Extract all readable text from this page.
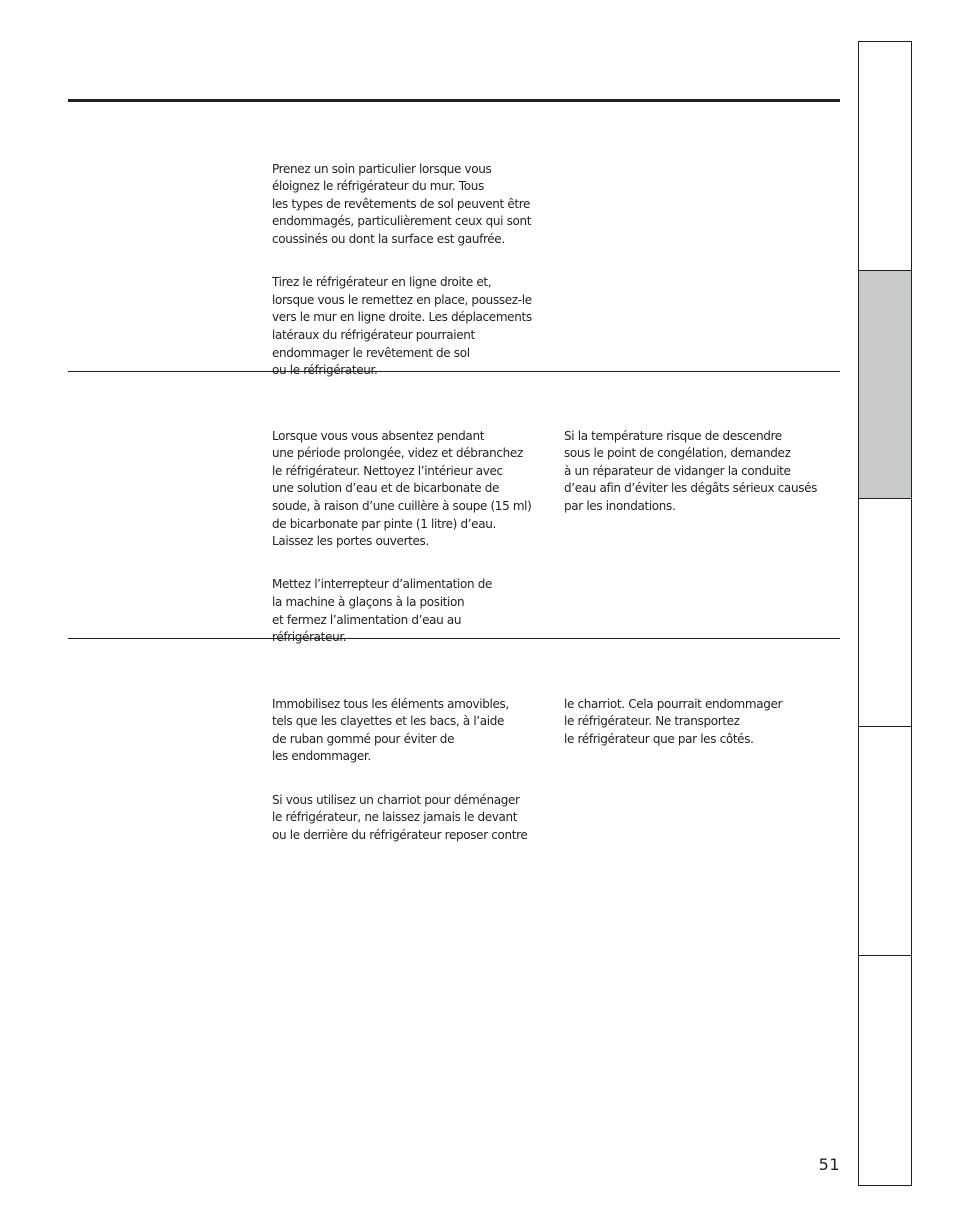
Prenez un soin particulier lorsque vous
éloignez le réfrigérateur du mur. Tous
les types de revêtements de sol peuvent être
endommagés, particulièrement ceux qui sont
coussinés ou dont la surface est gaufrée.

Tirez le réfrigérateur en ligne droite et,
lorsque vous le remettez en place, poussez-le
vers le mur en ligne droite. Les déplacements
latéraux du réfrigérateur pourraient
endommager le revêtement de sol

Lorsque vous vous absentez pendant
une période prolongée, videz et débranchez
le réfrigérateur. Nettoyez l’intérieur avec
une solution d’eau et de bicarbonate de
soude, à raison d’une cuillère à soupe (15 ml)
de bicarbonate par pinte (1 litre) d’eau.
Laissez les portes ouvertes.

Mettez l’interrepteur d’alimentation de
la machine à glaçons à la position
et fermez l’alimentation d’eau au

Si la température risque de descendre
sous le point de congélation, demandez
à un réparateur de vidanger la conduite
d’eau afin d’éviter les dégâts sérieux causés
par les inondations.

Immobilisez tous les éléments amovibles,
tels que les clayettes et les bacs, à l’aide
de ruban gommé pour éviter de
les endommager.

Si vous utilisez un charriot pour déménager
le réfrigérateur, ne laissez jamais le devant
ou le derrière du réfrigérateur reposer contre

le charriot. Cela pourrait endommager
le réfrigérateur. Ne transportez
le réfrigérateur que par les côtés.

51
